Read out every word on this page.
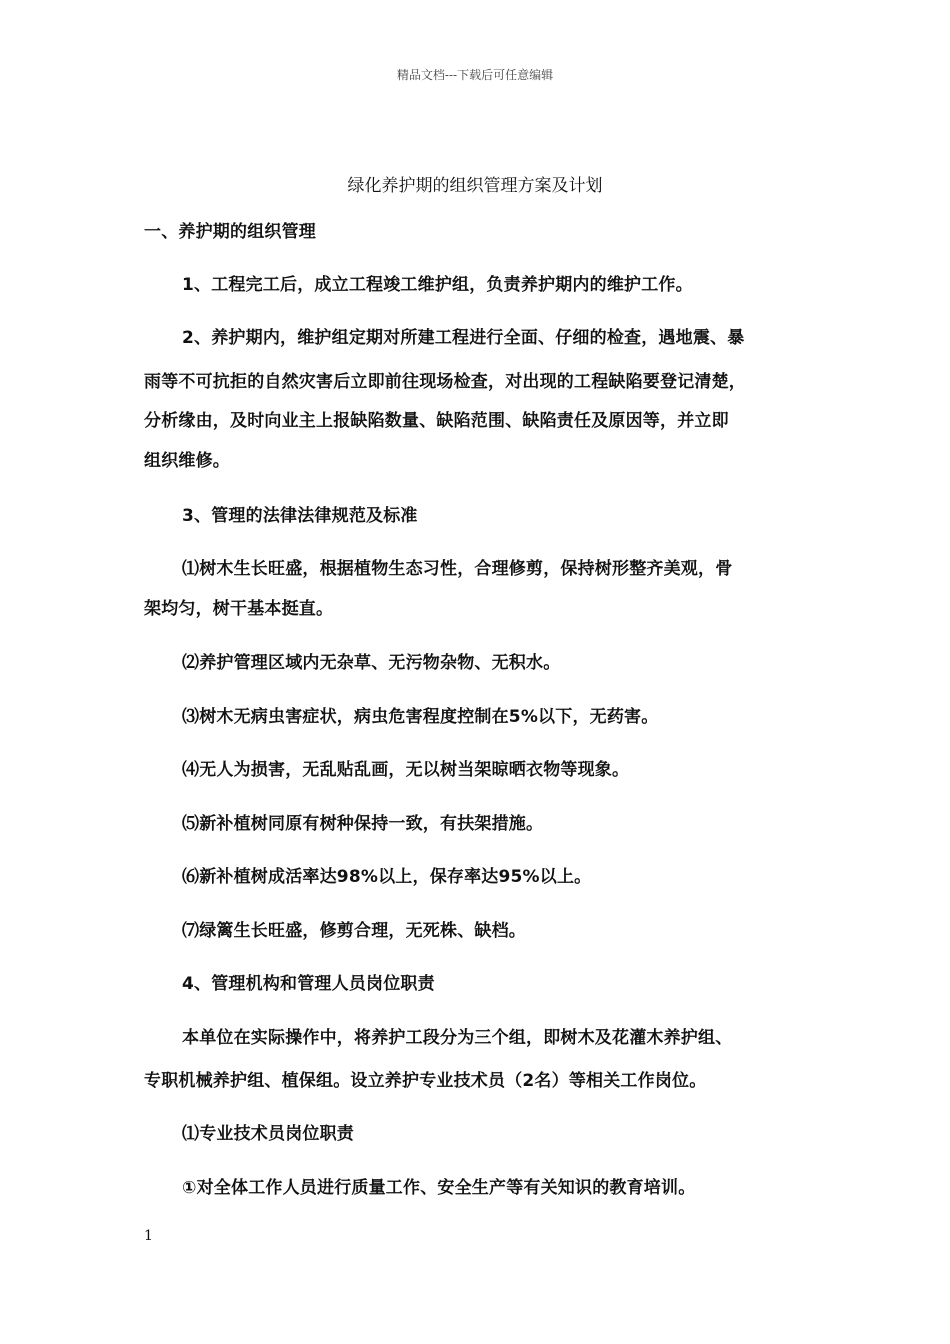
精品文档---下载后可任意编辑
绿化养护期的组织管理方案及计划
一、养护期的组织管理
1、工程完工后，成立工程竣工维护组，负责养护期内的维护工作。
2、养护期内，维护组定期对所建工程进行全面、仔细的检查，遇地震、暴
雨等不可抗拒的自然灾害后立即前往现场检查，对出现的工程缺陷要登记清楚，
分析缘由，及时向业主上报缺陷数量、缺陷范围、缺陷责任及原因等，并立即
组织维修。
3、管理的法律法律规范及标准
⑴树木生长旺盛，根据植物生态习性，合理修剪，保持树形整齐美观，骨
架均匀，树干基本挺直。
⑵养护管理区域内无杂草、无污物杂物、无积水。
⑶树木无病虫害症状，病虫危害程度控制在5%以下，无药害。
⑷无人为损害，无乱贴乱画，无以树当架晾晒衣物等现象。
⑸新补植树同原有树种保持一致，有扶架措施。
⑹新补植树成活率达98%以上，保存率达95%以上。
⑺绿篱生长旺盛，修剪合理，无死株、缺档。
4、管理机构和管理人员岗位职责
本单位在实际操作中，将养护工段分为三个组，即树木及花灌木养护组、
专职机械养护组、植保组。设立养护专业技术员（2名）等相关工作岗位。
⑴专业技术员岗位职责
①对全体工作人员进行质量工作、安全生产等有关知识的教育培训。
1
